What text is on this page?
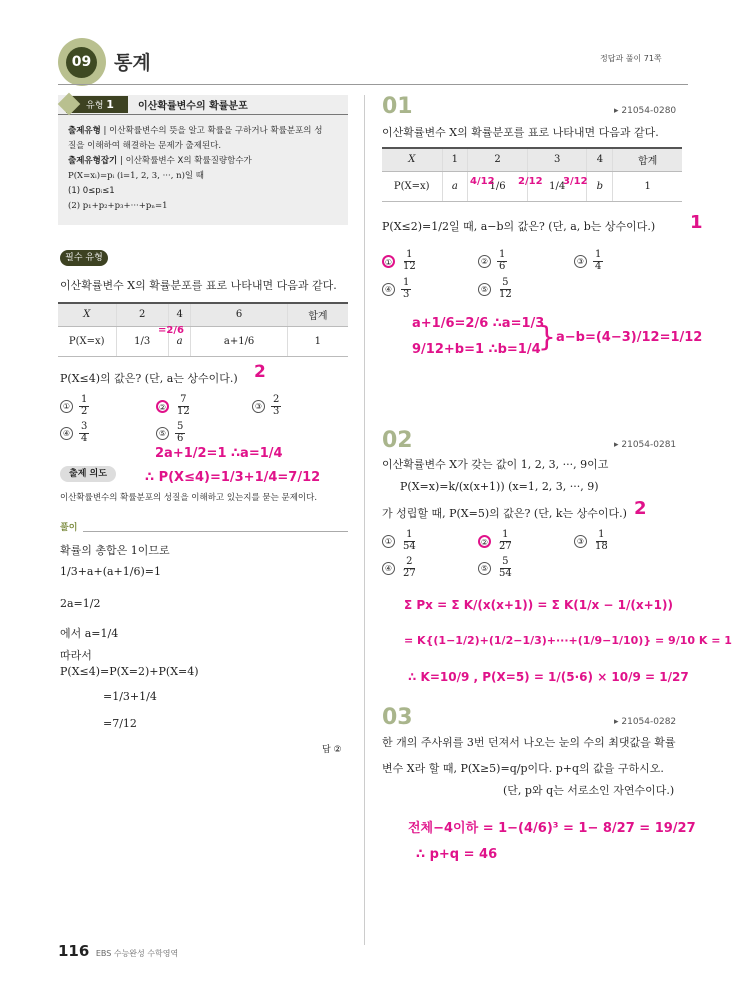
09	통계	정답과 풀이 71쪽
유형 1	이산확률변수의 확률분포
출제유형 | 이산확률변수의 뜻을 알고 확률을 구하거나 확률분포의 성
질을 이해하여 해결하는 문제가 출제된다.
출제유형잡기 | 이산확률변수 X의 확률질량함수가
P(X=xᵢ)=pᵢ (i=1, 2, 3, ···, n)일 때
(1) 0≤pᵢ≤1
(2) p₁+p₂+p₃+···+pₙ=1
필수 유형
이산확률변수 X의 확률분포를 표로 나타내면 다음과 같다.
X	2	4	6	합계
P(X=x)	1/3	a	a+1/6	1
=2/6
P(X≤4)의 값은? (단, a는 상수이다.) 2
① $\frac{1}{2}$	② $\frac{7}{12}$	③ $\frac{2}{3}$
④ $\frac{3}{4}$	⑤ $\frac{5}{6}$
2a+1/2=1 ∴a=1/4
∴ P(X≤4)=1/3+1/4=7/12
출제 의도
이산확률변수의 확률분포의 성질을 이해하고 있는지를 묻는 문제이다.
풀이
확률의 총합은 1이므로
1/3+a+(a+1/6)=1
2a=1/2
에서 a=1/4
따라서
P(X≤4)=P(X=2)+P(X=4)
=1/3+1/4
=7/12
답 ②
01	▸ 21054-0280
이산확률변수 X의 확률분포를 표로 나타내면 다음과 같다.
X	1	2	3	4	합계
P(X=x)	a	1/6	1/4	b	1
4/12 2/12 3/12
P(X≤2)=1/2일 때, a−b의 값은? (단, a, b는 상수이다.) 1
① $\frac{1}{12}$	② $\frac{1}{6}$	③ $\frac{1}{4}$
④ $\frac{1}{3}$	⑤ $\frac{5}{12}$
a+1/6=2/6 ∴a=1/3
9/12+b=1 ∴b=1/4
} a−b=(4−3)/12=1/12
02	▸ 21054-0281
이산확률변수 X가 갖는 값이 1, 2, 3, ···, 9이고
P(X=x)=k/(x(x+1)) (x=1, 2, 3, ···, 9)
가 성립할 때, P(X=5)의 값은? (단, k는 상수이다.) 2
① $\frac{1}{54}$	② $\frac{1}{27}$	③ $\frac{1}{18}$
④ $\frac{2}{27}$	⑤ $\frac{5}{54}$
Σ Px = Σ K/(x(x+1)) = Σ K(1/x − 1/(x+1))
= K{(1−1/2)+(1/2−1/3)+···+(1/9−1/10)} = 9/10 K = 1
∴ K=10/9 , P(X=5) = 1/(5·6) × 10/9 = 1/27
03	▸ 21054-0282
한 개의 주사위를 3번 던져서 나오는 눈의 수의 최댓값을 확률
변수 X라 할 때, P(X≥5)=q/p이다. p+q의 값을 구하시오.
(단, p와 q는 서로소인 자연수이다.)
전체−4이하 = 1−(4/6)³ = 1− 8/27 = 19/27
∴ p+q = 46
116 EBS 수능완성 수학영역
